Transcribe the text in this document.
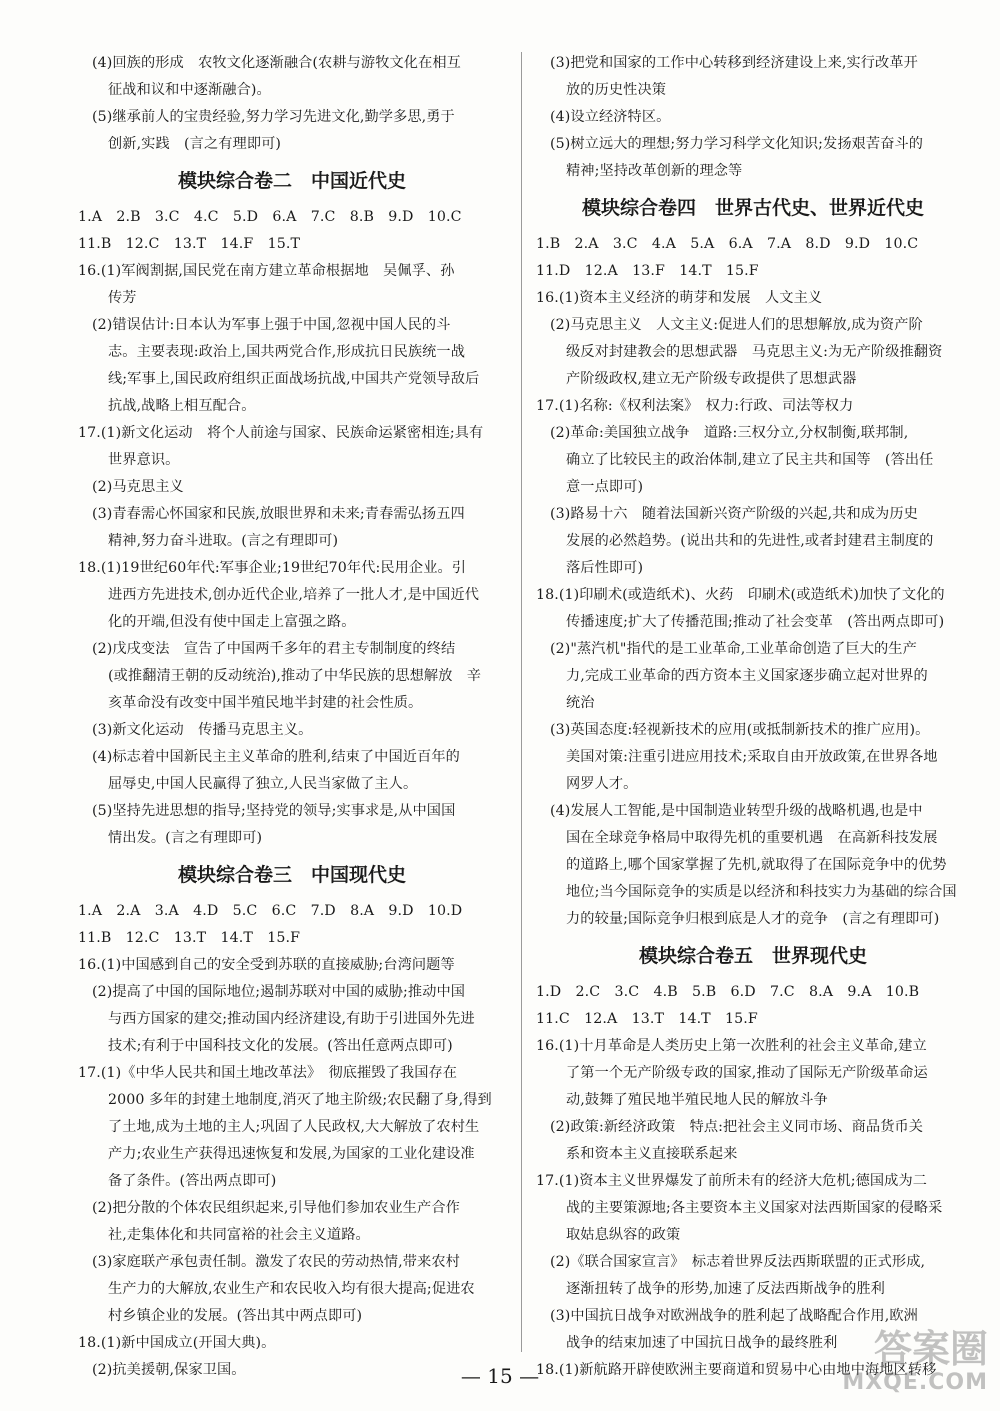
(4)回族的形成　农牧文化逐渐融合(农耕与游牧文化在相互
征战和议和中逐渐融合)。
(5)继承前人的宝贵经验,努力学习先进文化,勤学多思,勇于
创新,实践　(言之有理即可)
模块综合卷二　中国近代史
1.A　2.B　3.C　4.C　5.D　6.A　7.C　8.B　9.D　10.C
11.B　12.C　13.T　14.F　15.T
16.(1)军阀割据,国民党在南方建立革命根据地　吴佩孚、孙
传芳
(2)错误估计:日本认为军事上强于中国,忽视中国人民的斗
志。主要表现:政治上,国共两党合作,形成抗日民族统一战
线;军事上,国民政府组织正面战场抗战,中国共产党领导敌后
抗战,战略上相互配合。
17.(1)新文化运动　将个人前途与国家、民族命运紧密相连;具有
世界意识。
(2)马克思主义
(3)青春需心怀国家和民族,放眼世界和未来;青春需弘扬五四
精神,努力奋斗进取。(言之有理即可)
18.(1)19世纪60年代:军事企业;19世纪70年代:民用企业。引
进西方先进技术,创办近代企业,培养了一批人才,是中国近代
化的开端,但没有使中国走上富强之路。
(2)戊戌变法　宣告了中国两千多年的君主专制制度的终结
(或推翻清王朝的反动统治),推动了中华民族的思想解放　辛
亥革命没有改变中国半殖民地半封建的社会性质。
(3)新文化运动　传播马克思主义。
(4)标志着中国新民主主义革命的胜利,结束了中国近百年的
屈辱史,中国人民赢得了独立,人民当家做了主人。
(5)坚持先进思想的指导;坚持党的领导;实事求是,从中国国
情出发。(言之有理即可)
模块综合卷三　中国现代史
1.A　2.A　3.A　4.D　5.C　6.C　7.D　8.A　9.D　10.D
11.B　12.C　13.T　14.T　15.F
16.(1)中国感到自己的安全受到苏联的直接威胁;台湾问题等
(2)提高了中国的国际地位;遏制苏联对中国的威胁;推动中国
与西方国家的建交;推动国内经济建设,有助于引进国外先进
技术;有利于中国科技文化的发展。(答出任意两点即可)
17.(1)《中华人民共和国土地改革法》　彻底摧毁了我国存在
2000 多年的封建土地制度,消灭了地主阶级;农民翻了身,得到
了土地,成为土地的主人;巩固了人民政权,大大解放了农村生
产力;农业生产获得迅速恢复和发展,为国家的工业化建设准
备了条件。(答出两点即可)
(2)把分散的个体农民组织起来,引导他们参加农业生产合作
社,走集体化和共同富裕的社会主义道路。
(3)家庭联产承包责任制。激发了农民的劳动热情,带来农村
生产力的大解放,农业生产和农民收入均有很大提高;促进农
村乡镇企业的发展。(答出其中两点即可)
18.(1)新中国成立(开国大典)。
(2)抗美援朝,保家卫国。
(3)把党和国家的工作中心转移到经济建设上来,实行改革开
放的历史性决策
(4)设立经济特区。
(5)树立远大的理想;努力学习科学文化知识;发扬艰苦奋斗的
精神;坚持改革创新的理念等
模块综合卷四　世界古代史、世界近代史
1.B　2.A　3.C　4.A　5.A　6.A　7.A　8.D　9.D　10.C
11.D　12.A　13.F　14.T　15.F
16.(1)资本主义经济的萌芽和发展　人文主义
(2)马克思主义　人文主义:促进人们的思想解放,成为资产阶
级反对封建教会的思想武器　马克思主义:为无产阶级推翻资
产阶级政权,建立无产阶级专政提供了思想武器
17.(1)名称:《权利法案》　权力:行政、司法等权力
(2)革命:美国独立战争　道路:三权分立,分权制衡,联邦制,
确立了比较民主的政治体制,建立了民主共和国等　(答出任
意一点即可)
(3)路易十六　随着法国新兴资产阶级的兴起,共和成为历史
发展的必然趋势。(说出共和的先进性,或者封建君主制度的
落后性即可)
18.(1)印刷术(或造纸术)、火药　印刷术(或造纸术)加快了文化的
传播速度;扩大了传播范围;推动了社会变革　(答出两点即可)
(2)"蒸汽机"指代的是工业革命,工业革命创造了巨大的生产
力,完成工业革命的西方资本主义国家逐步确立起对世界的
统治
(3)英国态度:轻视新技术的应用(或抵制新技术的推广应用)。
美国对策:注重引进应用技术;采取自由开放政策,在世界各地
网罗人才。
(4)发展人工智能,是中国制造业转型升级的战略机遇,也是中
国在全球竞争格局中取得先机的重要机遇　在高新科技发展
的道路上,哪个国家掌握了先机,就取得了在国际竞争中的优势
地位;当今国际竞争的实质是以经济和科技实力为基础的综合国
力的较量;国际竞争归根到底是人才的竞争　(言之有理即可)
模块综合卷五　世界现代史
1.D　2.C　3.C　4.B　5.B　6.D　7.C　8.A　9.A　10.B
11.C　12.A　13.T　14.T　15.F
16.(1)十月革命是人类历史上第一次胜利的社会主义革命,建立
了第一个无产阶级专政的国家,推动了国际无产阶级革命运
动,鼓舞了殖民地半殖民地人民的解放斗争
(2)政策:新经济政策　特点:把社会主义同市场、商品货币关
系和资本主义直接联系起来
17.(1)资本主义世界爆发了前所未有的经济大危机;德国成为二
战的主要策源地;各主要资本主义国家对法西斯国家的侵略采
取姑息纵容的政策
(2)《联合国家宣言》　标志着世界反法西斯联盟的正式形成,
逐渐扭转了战争的形势,加速了反法西斯战争的胜利
(3)中国抗日战争对欧洲战争的胜利起了战略配合作用,欧洲
战争的结束加速了中国抗日战争的最终胜利
18.(1)新航路开辟使欧洲主要商道和贸易中心由地中海地区转移
— 15 —
答案圈
MXQE.COM
